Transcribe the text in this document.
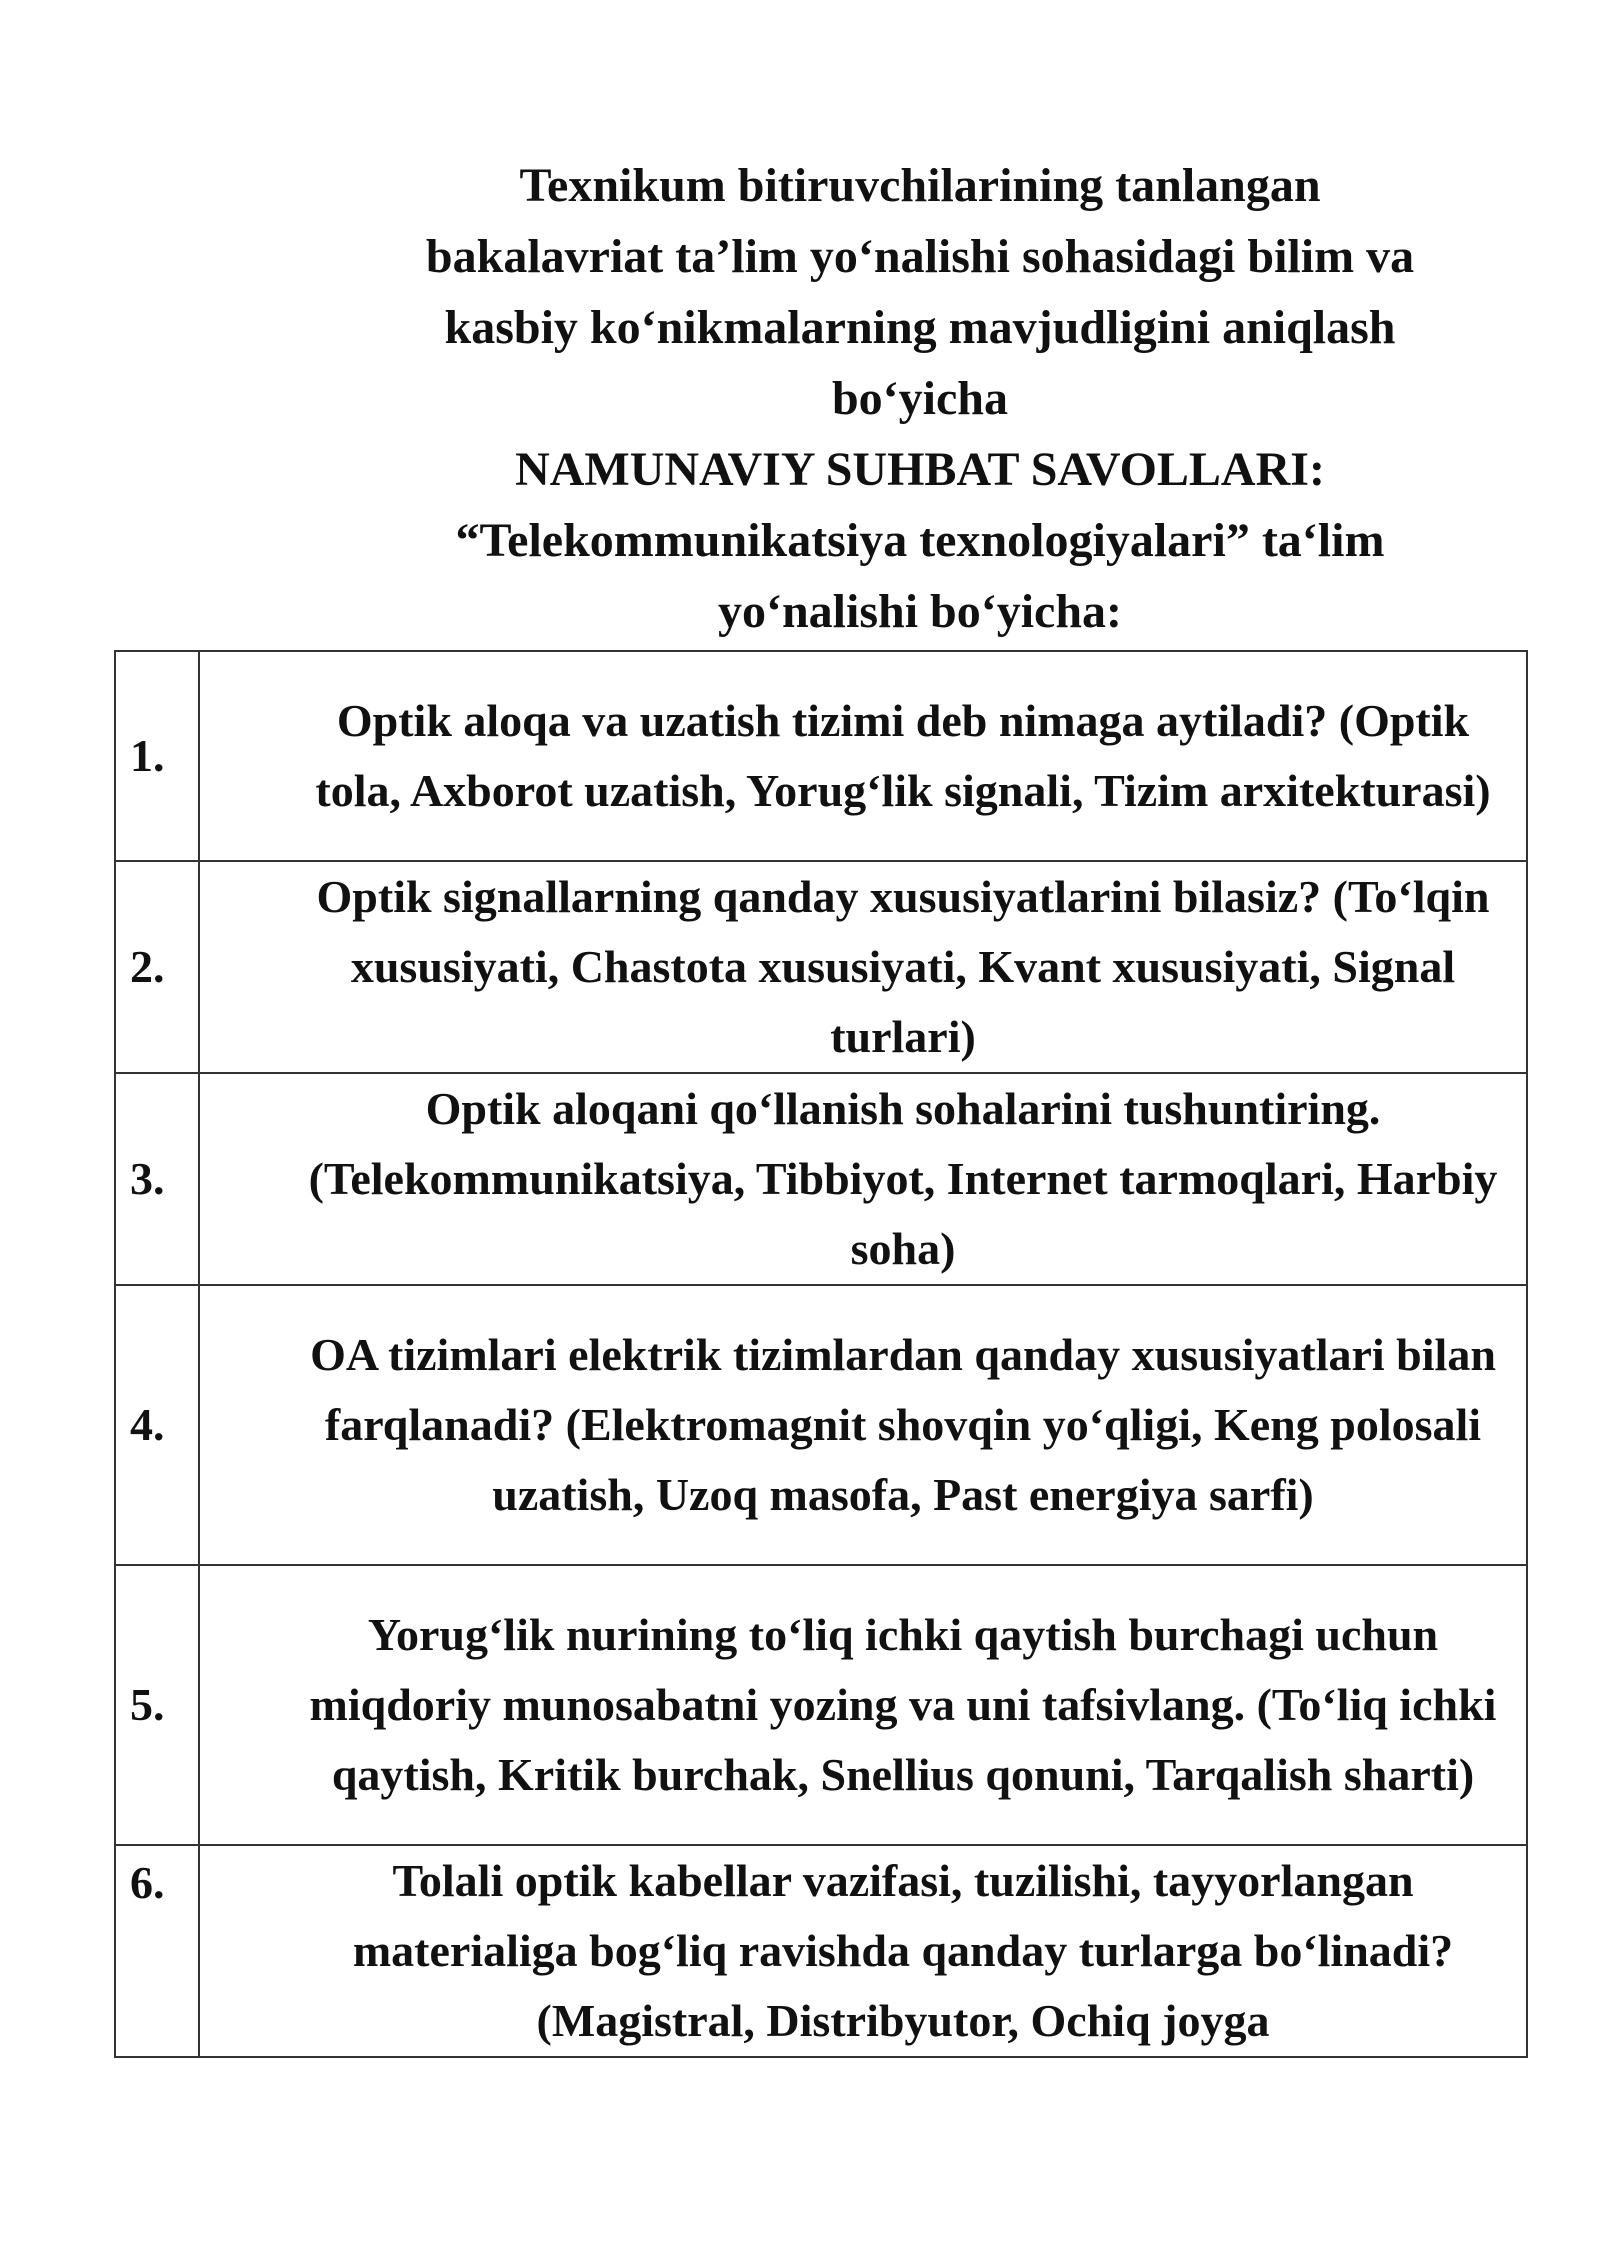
Texnikum bitiruvchilarining tanlangan
bakalavriat ta’lim yo‘nalishi sohasidagi bilim va
kasbiy ko‘nikmalarning mavjudligini aniqlash
bo‘yicha
NAMUNAVIY SUHBAT SAVOLLARI:
“Telekommunikatsiya texnologiyalari” ta‘lim
yo‘nalishi bo‘yicha:
1.	Optik aloqa va uzatish tizimi deb nimaga aytiladi? (Optik tola, Axborot uzatish, Yorug‘lik signali, Tizim arxitekturasi)
2.	Optik signallarning qanday xususiyatlarini bilasiz? (To‘lqin xususiyati, Chastota xususiyati, Kvant xususiyati, Signal turlari)
3.	Optik aloqani qo‘llanish sohalarini tushuntiring. (Telekommunikatsiya, Tibbiyot, Internet tarmoqlari, Harbiy soha)
4.	OA tizimlari elektrik tizimlardan qanday xususiyatlari bilan farqlanadi? (Elektromagnit shovqin yo‘qligi, Keng polosali uzatish, Uzoq masofa, Past energiya sarfi)
5.	Yorug‘lik nurining to‘liq ichki qaytish burchagi uchun miqdoriy munosabatni yozing va uni tafsivlang. (To‘liq ichki qaytish, Kritik burchak, Snellius qonuni, Tarqalish sharti)

6.	Tolali optik kabellar vazifasi, tuzilishi, tayyorlangan materialiga bog‘liq ravishda qanday turlarga bo‘linadi? (Magistral, Distribyutor, Ochiq joyga
